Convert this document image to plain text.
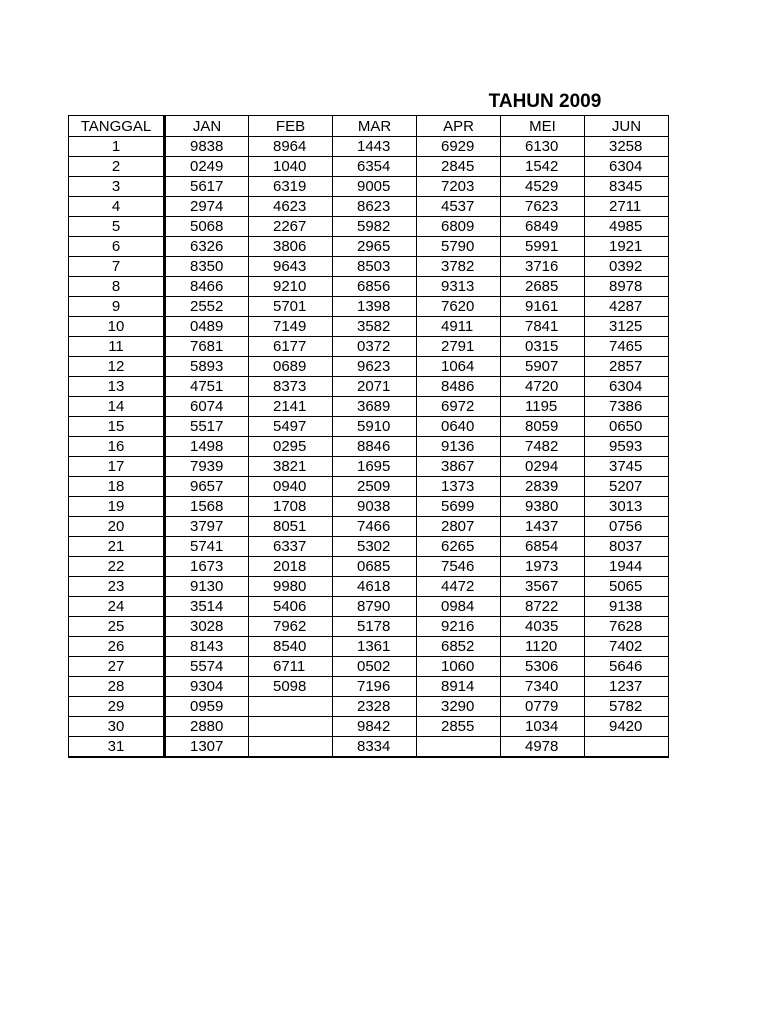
TAHUN 2009
TANGGAL	JAN	FEB	MAR	APR	MEI	JUN
1	9838	8964	1443	6929	6130	3258
2	0249	1040	6354	2845	1542	6304
3	5617	6319	9005	7203	4529	8345
4	2974	4623	8623	4537	7623	2711
5	5068	2267	5982	6809	6849	4985
6	6326	3806	2965	5790	5991	1921
7	8350	9643	8503	3782	3716	0392
8	8466	9210	6856	9313	2685	8978
9	2552	5701	1398	7620	9161	4287
10	0489	7149	3582	4911	7841	3125
11	7681	6177	0372	2791	0315	7465
12	5893	0689	9623	1064	5907	2857
13	4751	8373	2071	8486	4720	6304
14	6074	2141	3689	6972	1195	7386
15	5517	5497	5910	0640	8059	0650
16	1498	0295	8846	9136	7482	9593
17	7939	3821	1695	3867	0294	3745
18	9657	0940	2509	1373	2839	5207
19	1568	1708	9038	5699	9380	3013
20	3797	8051	7466	2807	1437	0756
21	5741	6337	5302	6265	6854	8037
22	1673	2018	0685	7546	1973	1944
23	9130	9980	4618	4472	3567	5065
24	3514	5406	8790	0984	8722	9138
25	3028	7962	5178	9216	4035	7628
26	8143	8540	1361	6852	1120	7402
27	5574	6711	0502	1060	5306	5646
28	9304	5098	7196	8914	7340	1237
29	0959		2328	3290	0779	5782
30	2880		9842	2855	1034	9420
31	1307		8334		4978	
